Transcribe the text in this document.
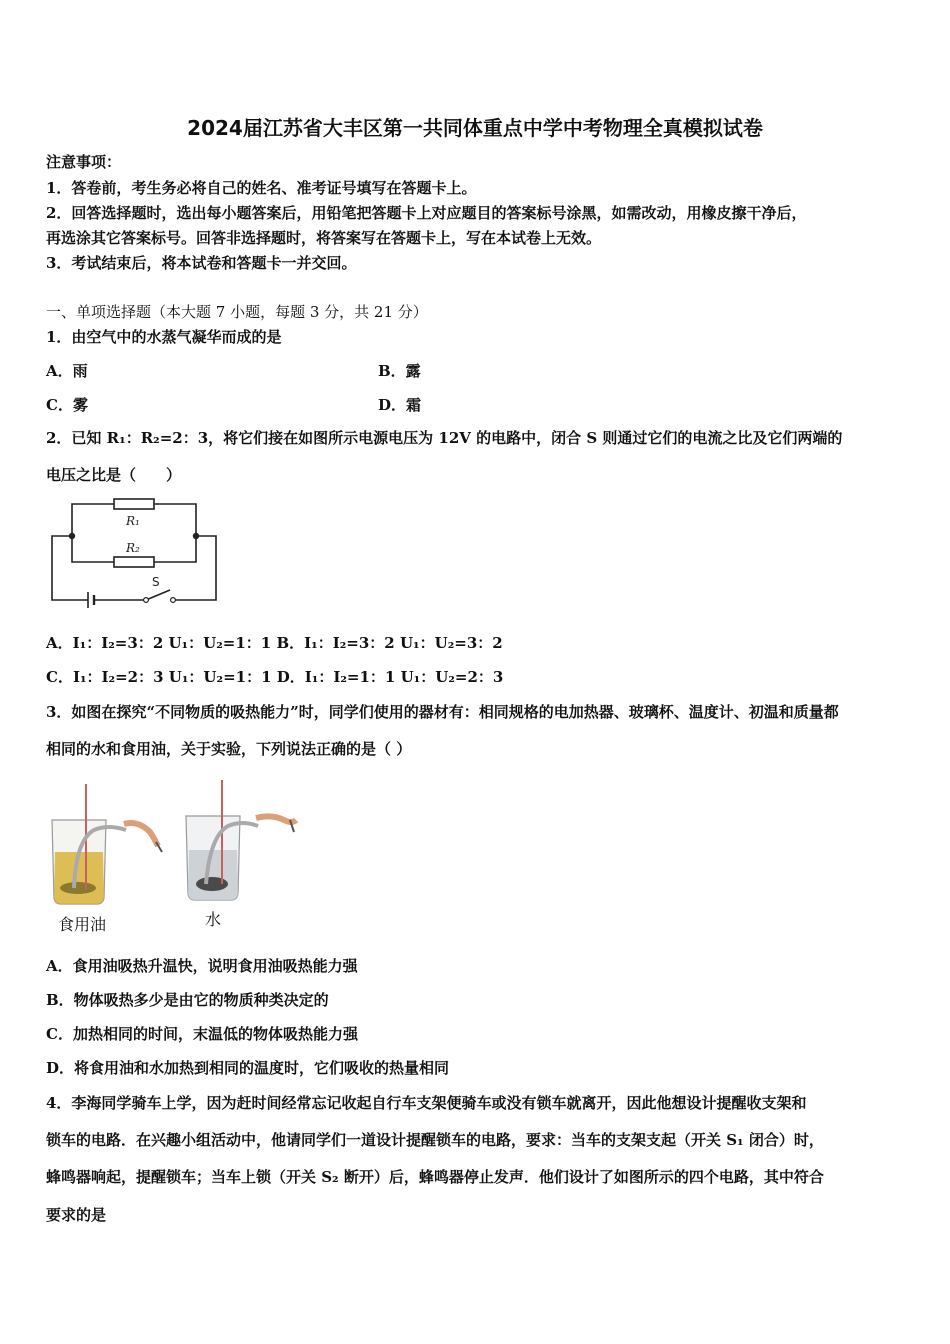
2024届江苏省大丰区第一共同体重点中学中考物理全真模拟试卷
注意事项：
1．答卷前，考生务必将自己的姓名、准考证号填写在答题卡上。
2．回答选择题时，选出每小题答案后，用铅笔把答题卡上对应题目的答案标号涂黑，如需改动，用橡皮擦干净后，
再选涂其它答案标号。回答非选择题时，将答案写在答题卡上，写在本试卷上无效。
3．考试结束后，将本试卷和答题卡一并交回。
一、单项选择题（本大题 7 小题，每题 3 分，共 21 分）
1．由空气中的水蒸气凝华而成的是
A．雨	B．露
C．雾	D．霜
2．已知 R₁：R₂=2：3，将它们接在如图所示电源电压为 12V 的电路中，闭合 S 则通过它们的电流之比及它们两端的
电压之比是（　　）
R₁
R₂
S
A．I₁：I₂=3：2 U₁：U₂=1：1 B．I₁：I₂=3：2 U₁：U₂=3：2
C．I₁：I₂=2：3 U₁：U₂=1：1 D．I₁：I₂=1：1 U₁：U₂=2：3
3．如图在探究“不同物质的吸热能力”时，同学们使用的器材有：相同规格的电加热器、玻璃杯、温度计、初温和质量都
相同的水和食用油，关于实验，下列说法正确的是（ ）
食用油	水
A．食用油吸热升温快，说明食用油吸热能力强
B．物体吸热多少是由它的物质种类决定的
C．加热相同的时间，末温低的物体吸热能力强
D．将食用油和水加热到相同的温度时，它们吸收的热量相同
4．李海同学骑车上学，因为赶时间经常忘记收起自行车支架便骑车或没有锁车就离开，因此他想设计提醒收支架和
锁车的电路．在兴趣小组活动中，他请同学们一道设计提醒锁车的电路，要求：当车的支架支起（开关 S₁ 闭合）时，
蜂鸣器响起，提醒锁车；当车上锁（开关 S₂ 断开）后，蜂鸣器停止发声．他们设计了如图所示的四个电路，其中符合
要求的是
